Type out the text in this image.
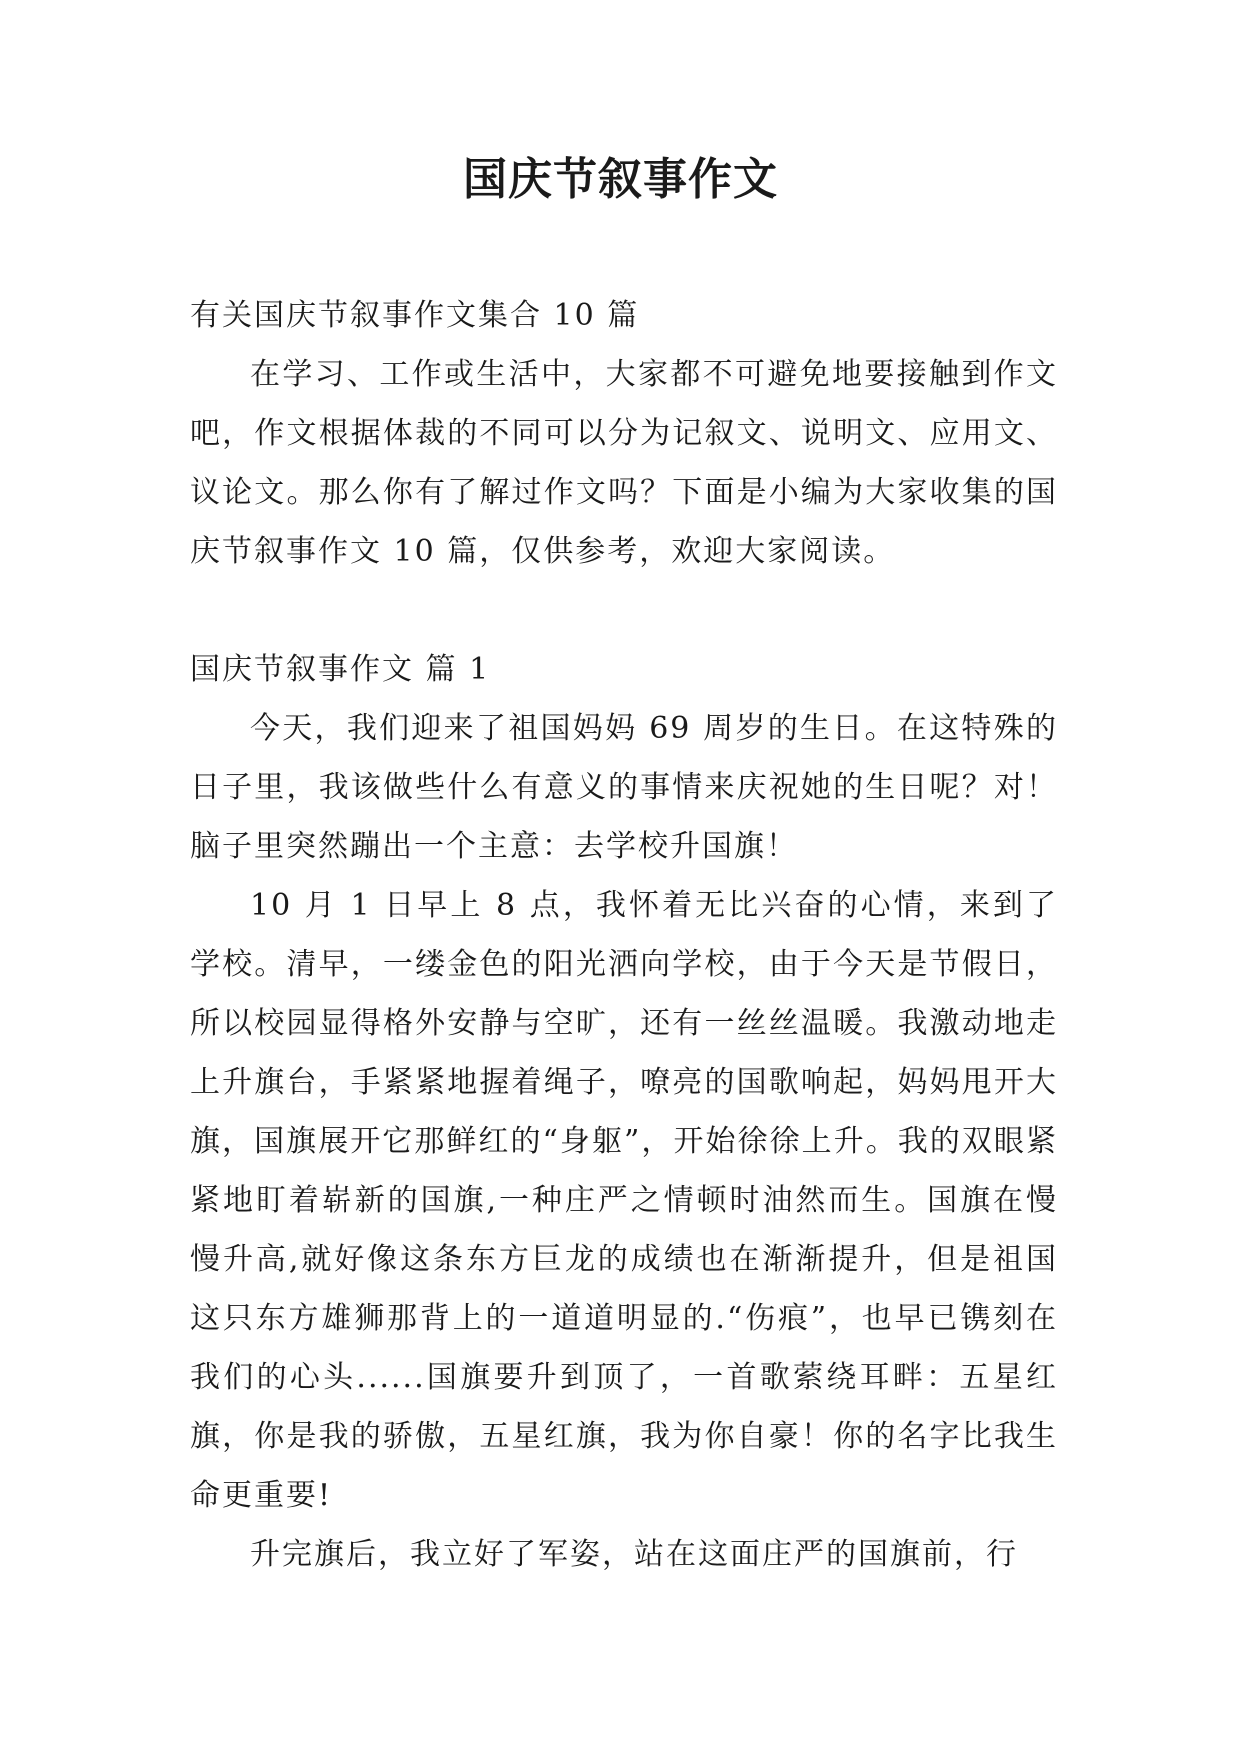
国庆节叙事作文

有关国庆节叙事作文集合 10 篇

在学习、工作或生活中，大家都不可避免地要接触到作文吧，作文根据体裁的不同可以分为记叙文、说明文、应用文、议论文。那么你有了解过作文吗？下面是小编为大家收集的国庆节叙事作文 10 篇，仅供参考，欢迎大家阅读。

国庆节叙事作文 篇 1

今天，我们迎来了祖国妈妈 69 周岁的生日。在这特殊的日子里，我该做些什么有意义的事情来庆祝她的生日呢？对！脑子里突然蹦出一个主意：去学校升国旗！

10 月 1 日早上 8 点，我怀着无比兴奋的心情，来到了学校。清早，一缕金色的阳光洒向学校，由于今天是节假日，所以校园显得格外安静与空旷，还有一丝丝温暖。我激动地走上升旗台，手紧紧地握着绳子，嘹亮的国歌响起，妈妈甩开大旗，国旗展开它那鲜红的“身躯”，开始徐徐上升。我的双眼紧紧地盯着崭新的国旗,一种庄严之情顿时油然而生。国旗在慢慢升高,就好像这条东方巨龙的成绩也在渐渐提升，但是祖国这只东方雄狮那背上的一道道明显的.“伤痕”，也早已镌刻在我们的心头......国旗要升到顶了，一首歌萦绕耳畔：五星红旗，你是我的骄傲，五星红旗，我为你自豪！你的名字比我生命更重要!

升完旗后，我立好了军姿，站在这面庄严的国旗前，行
